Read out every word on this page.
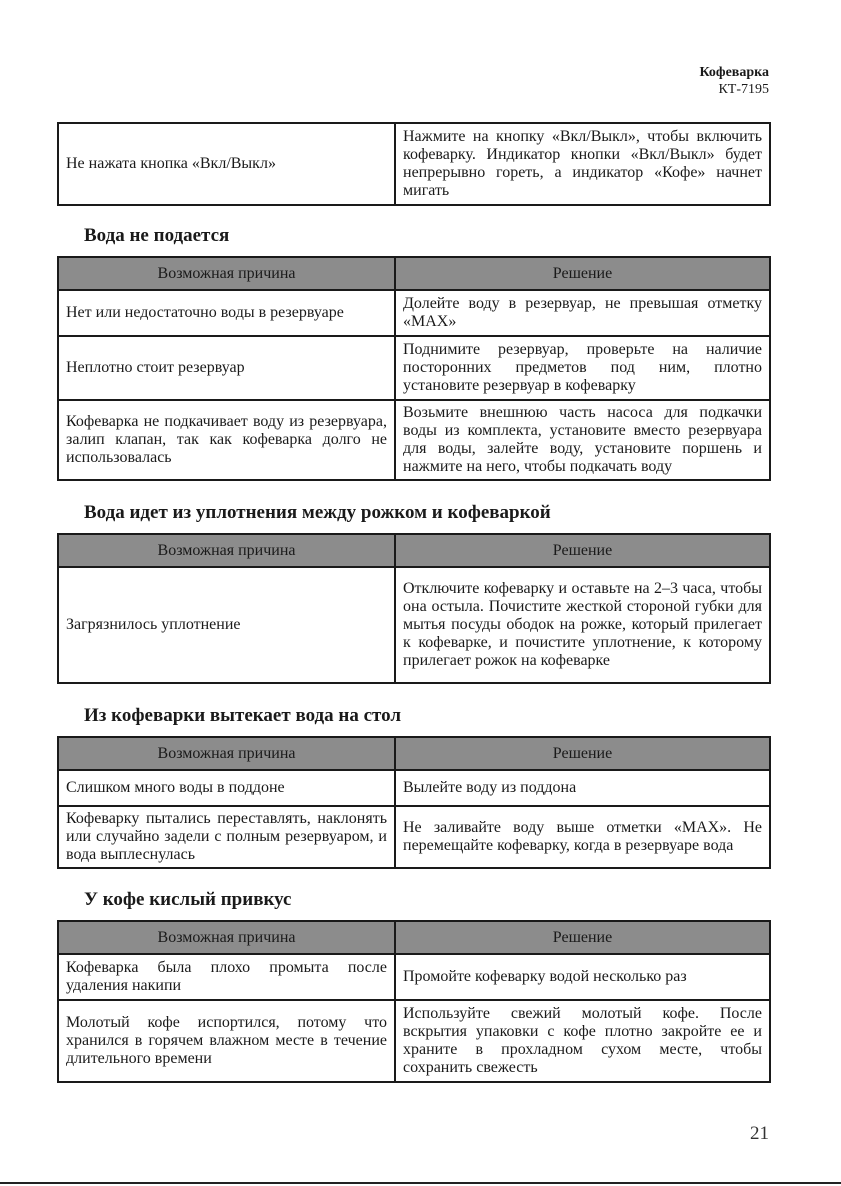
Кофеварка
КТ-7195
Не нажата кнопка «Вкл/Выкл»	Нажмите на кнопку «Вкл/Выкл», чтобы включить кофеварку. Индикатор кнопки «Вкл/Выкл» будет непрерывно гореть, а индикатор «Кофе» начнет мигать
Вода не подается
Возможная причина	Решение
Нет или недостаточно воды в резервуаре	Долейте воду в резервуар, не превышая отметку «MAX»
Неплотно стоит резервуар	Поднимите резервуар, проверьте на наличие посторонних предметов под ним, плотно установите резервуар в кофеварку
Кофеварка не подкачивает воду из резервуара, залип клапан, так как кофеварка долго не использовалась	Возьмите внешнюю часть насоса для подкачки воды из комплекта, установите вместо резервуара для воды, залейте воду, установите поршень и нажмите на него, чтобы подкачать воду
Вода идет из уплотнения между рожком и кофеваркой
Возможная причина	Решение
Загрязнилось уплотнение	Отключите кофеварку и оставьте на 2–3 часа, чтобы она остыла. Почистите жесткой стороной губки для мытья посуды ободок на рожке, который прилегает к кофеварке, и почистите уплотнение, к которому прилегает рожок на кофеварке
Из кофеварки вытекает вода на стол
Возможная причина	Решение
Слишком много воды в поддоне	Вылейте воду из поддона
Кофеварку пытались переставлять, наклонять или случайно задели с полным резервуаром, и вода выплеснулась	Не заливайте воду выше отметки «MAX». Не перемещайте кофеварку, когда в резервуаре вода
У кофе кислый привкус
Возможная причина	Решение
Кофеварка была плохо промыта после удаления накипи	Промойте кофеварку водой несколько раз
Молотый кофе испортился, потому что хранился в горячем влажном месте в течение длительного времени	Используйте свежий молотый кофе. После вскрытия упаковки с кофе плотно закройте ее и храните в прохладном сухом месте, чтобы сохранить свежесть
21
